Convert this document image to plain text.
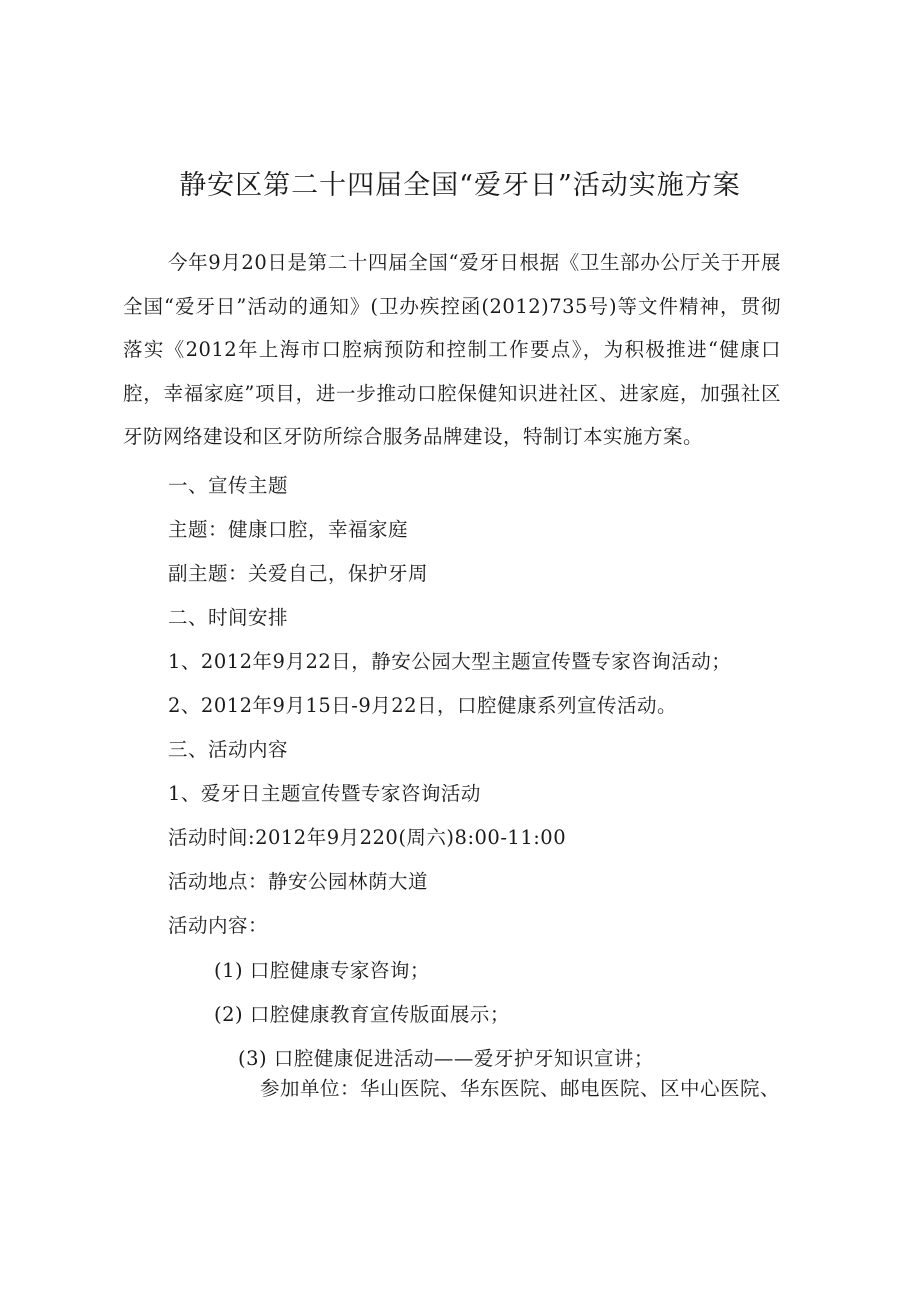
静安区第二十四届全国“爱牙日”活动实施方案

今年9月20日是第二十四届全国“爱牙日根据《卫生部办公厅关于开展全国“爱牙日”活动的通知》(卫办疾控函(2012)735号)等文件精神，贯彻落实《2012年上海市口腔病预防和控制工作要点》，为积极推进“健康口腔，幸福家庭”项目，进一步推动口腔保健知识进社区、进家庭，加强社区牙防网络建设和区牙防所综合服务品牌建设，特制订本实施方案。

一、宣传主题

主题：健康口腔，幸福家庭

副主题：关爱自己，保护牙周

二、时间安排

1、2012年9月22日，静安公园大型主题宣传暨专家咨询活动；

2、2012年9月15日-9月22日，口腔健康系列宣传活动。

三、活动内容

1、爱牙日主题宣传暨专家咨询活动

活动时间:2012年9月220(周六)8:00-11:00

活动地点：静安公园林荫大道

活动内容：

(1) 口腔健康专家咨询；

(2) 口腔健康教育宣传版面展示；

(3) 口腔健康促进活动——爱牙护牙知识宣讲；

参加单位：华山医院、华东医院、邮电医院、区中心医院、
